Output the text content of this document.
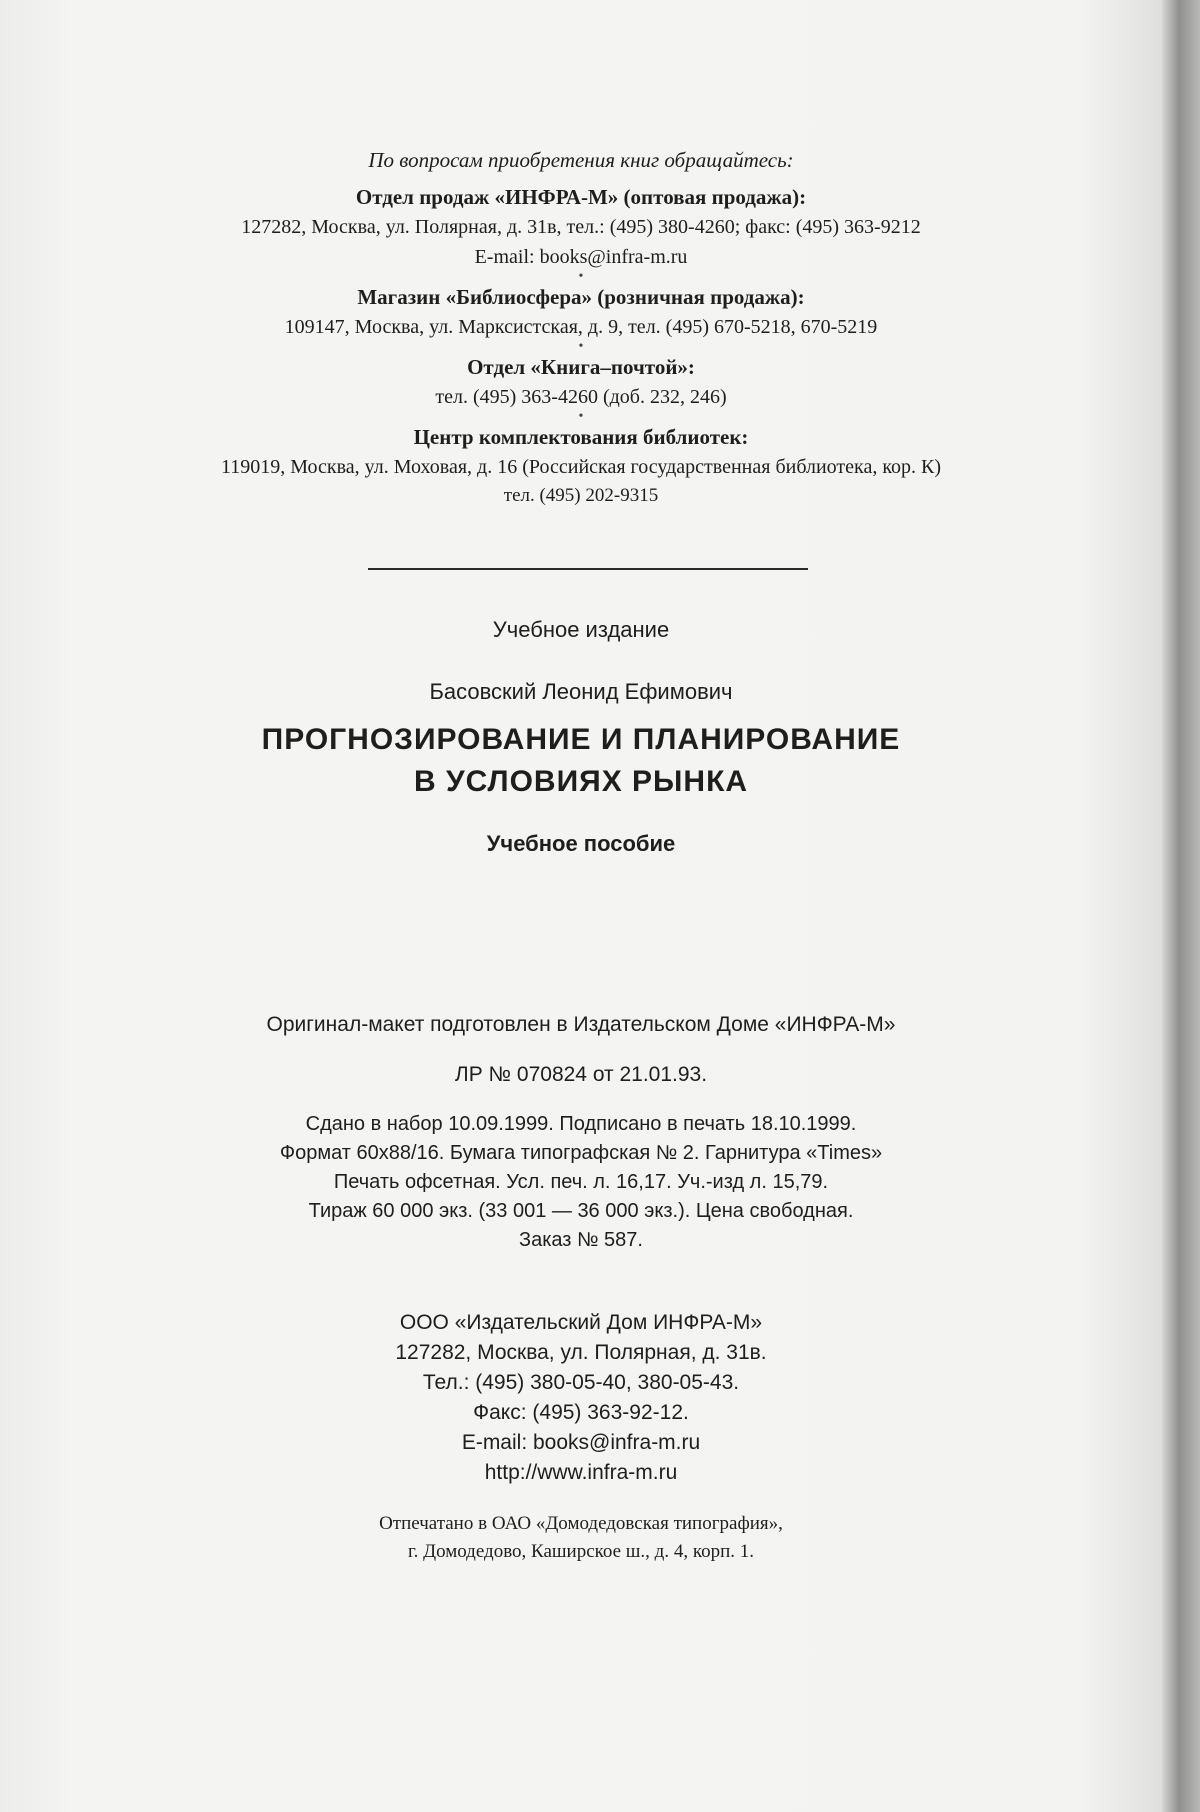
По вопросам приобретения книг обращайтесь:
Отдел продаж «ИНФРА-М» (оптовая продажа):
127282, Москва, ул. Полярная, д. 31в, тел.: (495) 380-4260; факс: (495) 363-9212
E-mail: books@infra-m.ru
•
Магазин «Библиосфера» (розничная продажа):
109147, Москва, ул. Марксистская, д. 9, тел. (495) 670-5218, 670-5219
•
Отдел «Книга–почтой»:
тел. (495) 363-4260 (доб. 232, 246)
•
Центр комплектования библиотек:
119019, Москва, ул. Моховая, д. 16 (Российская государственная библиотека, кор. К)
тел. (495) 202-9315
Учебное издание
Басовский Леонид Ефимович
ПРОГНОЗИРОВАНИЕ И ПЛАНИРОВАНИЕ
В УСЛОВИЯХ РЫНКА
Учебное пособие
Оригинал-макет подготовлен в Издательском Доме «ИНФРА-М»
ЛР № 070824 от 21.01.93.
Сдано в набор 10.09.1999. Подписано в печать 18.10.1999.
Формат 60х88/16. Бумага типографская № 2. Гарнитура «Times»
Печать офсетная. Усл. печ. л. 16,17. Уч.-изд л. 15,79.
Тираж 60 000 экз. (33 001 — 36 000 экз.). Цена свободная.
Заказ № 587.
ООО «Издательский Дом ИНФРА-М»
127282, Москва, ул. Полярная, д. 31в.
Тел.: (495) 380-05-40, 380-05-43.
Факс: (495) 363-92-12.
E-mail: books@infra-m.ru
http://www.infra-m.ru
Отпечатано в ОАО «Домодедовская типография»,
г. Домодедово, Каширское ш., д. 4, корп. 1.
